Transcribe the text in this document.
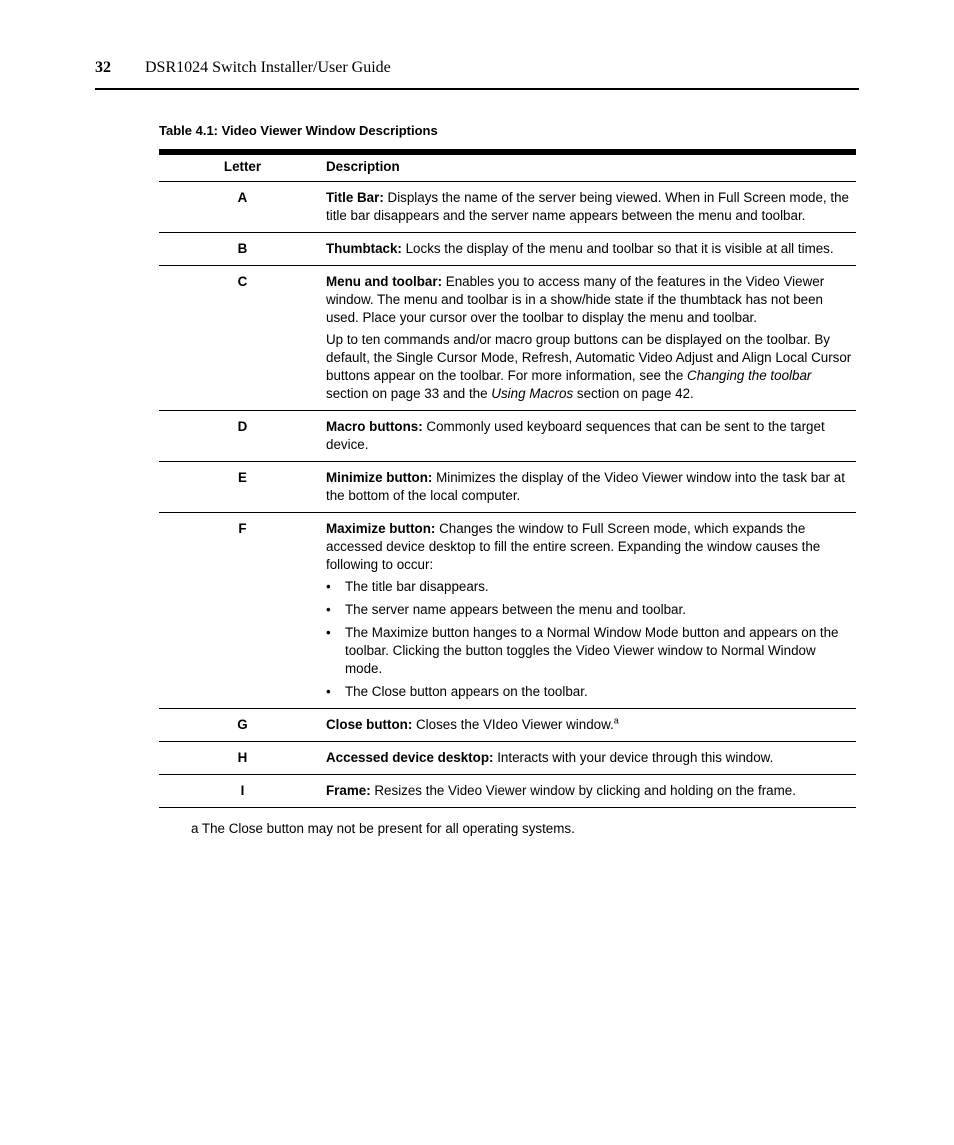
32 DSR1024 Switch Installer/User Guide
Table 4.1: Video Viewer Window Descriptions
Letter	Description
A	Title Bar: Displays the name of the server being viewed. When in Full Screen mode, the title bar disappears and the server name appears between the menu and toolbar.

B	Thumbtack: Locks the display of the menu and toolbar so that it is visible at all times.

C	Menu and toolbar: Enables you to access many of the features in the Video Viewer window. The menu and toolbar is in a show/hide state if the thumbtack has not been used. Place your cursor over the toolbar to display the menu and toolbar.

Up to ten commands and/or macro group buttons can be displayed on the toolbar. By default, the Single Cursor Mode, Refresh, Automatic Video Adjust and Align Local Cursor buttons appear on the toolbar. For more information, see the Changing the toolbar section on page 33 and the Using Macros section on page 42.

D	Macro buttons: Commonly used keyboard sequences that can be sent to the target device.

E	Minimize button: Minimizes the display of the Video Viewer window into the task bar at the bottom of the local computer.

F	Maximize button: Changes the window to Full Screen mode, which expands the accessed device desktop to fill the entire screen. Expanding the window causes the following to occur:

• The title bar disappears.
• The server name appears between the menu and toolbar.
• The Maximize button hanges to a Normal Window Mode button and appears on the toolbar. Clicking the button toggles the Video Viewer window to Normal Window mode.
• The Close button appears on the toolbar.
G	Close button: Closes the VIdeo Viewer window.$^a$

H	Accessed device desktop: Interacts with your device through this window.

I	Frame: Resizes the Video Viewer window by clicking and holding on the frame.

a The Close button may not be present for all operating systems.
